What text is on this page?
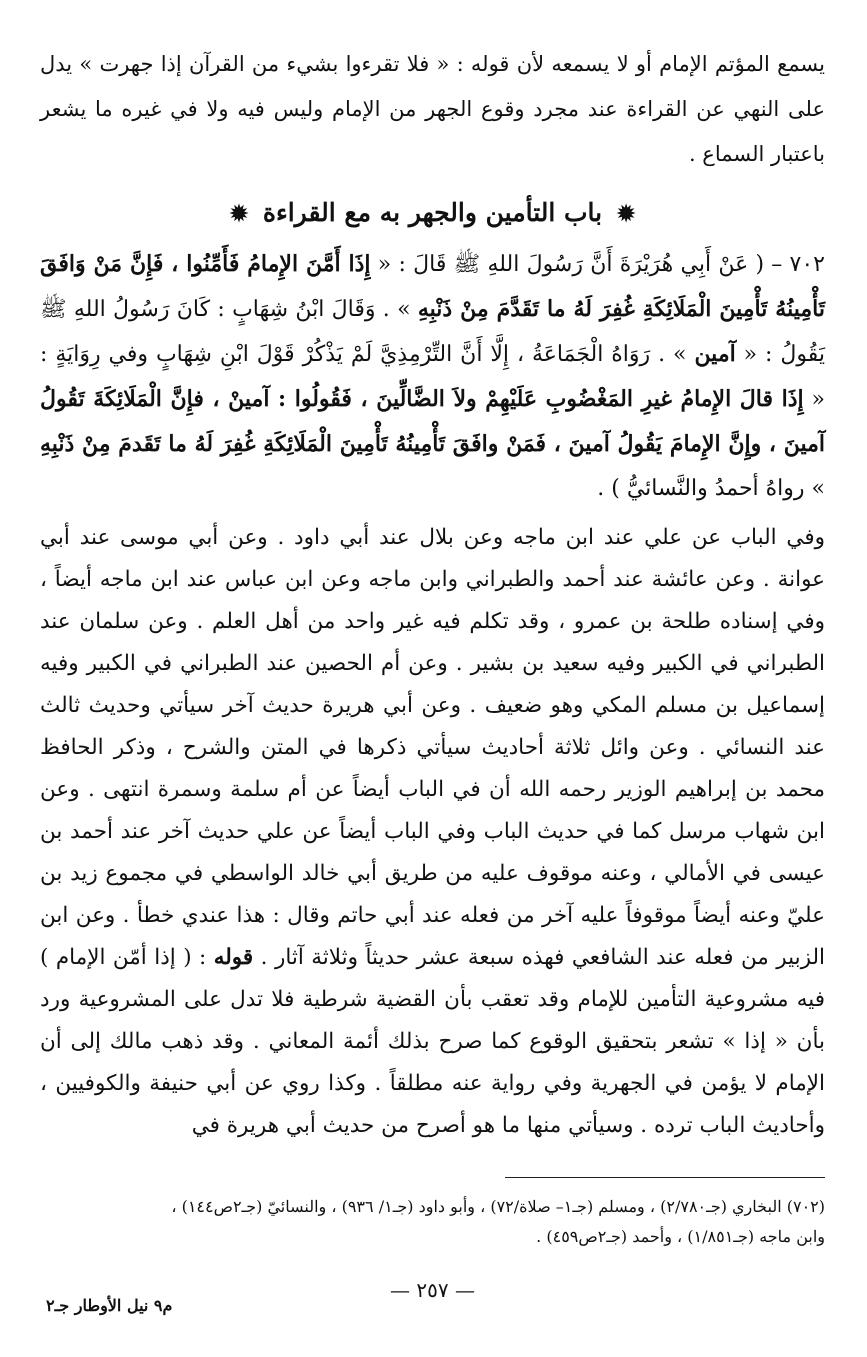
يسمع المؤتم الإمام أو لا يسمعه لأن قوله : « فلا تقرءوا بشيء من القرآن إذا جهرت » يدل على النهي عن القراءة عند مجرد وقوع الجهر من الإمام وليس فيه ولا في غيره ما يشعر باعتبار السماع .

✹ باب التأمين والجهر به مع القراءة ✹

٧٠٢ – ( عَنْ أَبِي هُرَيْرَةَ أَنَّ رَسُولَ اللهِ ﷺ قَالَ : « إِذَا أَمَّنَ الإِمامُ فَأَمِّنُوا ، فَإِنَّ مَنْ وَافَقَ تَأْمِينُهُ تَأْمِينَ الْمَلَائِكَةِ غُفِرَ لَهُ ما تَقَدَّمَ مِنْ ذَنْبِهِ » . وَقَالَ ابْنُ شِهَابٍ : كَانَ رَسُولُ اللهِ ﷺ يَقُولُ : « آمين » . رَوَاهُ الْجَمَاعَةُ ، إِلَّا أَنَّ التِّرْمِذِيَّ لَمْ يَذْكُرْ قَوْلَ ابْنِ شِهَابٍ وفي رِوَايَةٍ : « إِذَا قالَ الإِمامُ غيرِ المَغْضُوبِ عَلَيْهِمْ ولاَ الضَّالِّينَ ، فَقُولُوا : آمينْ ، فإِنَّ الْمَلَائِكَةَ تَقُولُ آمينَ ، وإِنَّ الإِمامَ يَقُولُ آمينَ ، فَمَنْ وافَقَ تَأْمِينُهُ تَأْمِينَ الْمَلَائِكَةِ غُفِرَ لَهُ ما تَقَدمَ مِنْ ذَنْبِهِ » رواهُ أحمدُ والنَّسائيُّ ) .

وفي الباب عن علي عند ابن ماجه وعن بلال عند أبي داود . وعن أبي موسى عند أبي عوانة . وعن عائشة عند أحمد والطبراني وابن ماجه وعن ابن عباس عند ابن ماجه أيضاً ، وفي إسناده طلحة بن عمرو ، وقد تكلم فيه غير واحد من أهل العلم . وعن سلمان عند الطبراني في الكبير وفيه سعيد بن بشير . وعن أم الحصين عند الطبراني في الكبير وفيه إسماعيل بن مسلم المكي وهو ضعيف . وعن أبي هريرة حديث آخر سيأتي وحديث ثالث عند النسائي . وعن وائل ثلاثة أحاديث سيأتي ذكرها في المتن والشرح ، وذكر الحافظ محمد بن إبراهيم الوزير رحمه الله أن في الباب أيضاً عن أم سلمة وسمرة انتهى . وعن ابن شهاب مرسل كما في حديث الباب وفي الباب أيضاً عن علي حديث آخر عند أحمد بن عيسى في الأمالي ، وعنه موقوف عليه من طريق أبي خالد الواسطي في مجموع زيد بن عليّ وعنه أيضاً موقوفاً عليه آخر من فعله عند أبي حاتم وقال : هذا عندي خطأ . وعن ابن الزبير من فعله عند الشافعي فهذه سبعة عشر حديثاً وثلاثة آثار . قوله : ( إذا أمّن الإمام ) فيه مشروعية التأمين للإمام وقد تعقب بأن القضية شرطية فلا تدل على المشروعية ورد بأن « إذا » تشعر بتحقيق الوقوع كما صرح بذلك أئمة المعاني . وقد ذهب مالك إلى أن الإمام لا يؤمن في الجهرية وفي رواية عنه مطلقاً . وكذا روي عن أبي حنيفة والكوفيين ، وأحاديث الباب ترده . وسيأتي منها ما هو أصرح من حديث أبي هريرة في

(٧٠٢) البخاري (جـ٢/٧٨٠) ، ومسلم (جـ١– صلاة/٧٢) ، وأبو داود (جـ١/ ٩٣٦) ، والنسائيّ (جـ٢ص١٤٤) ،
وابن ماجه (جـ١/٨٥١) ، وأحمد (جـ٢ص٤٥٩) .
— ٢٥٧ —
م٩ نيل الأوطار جـ٢
